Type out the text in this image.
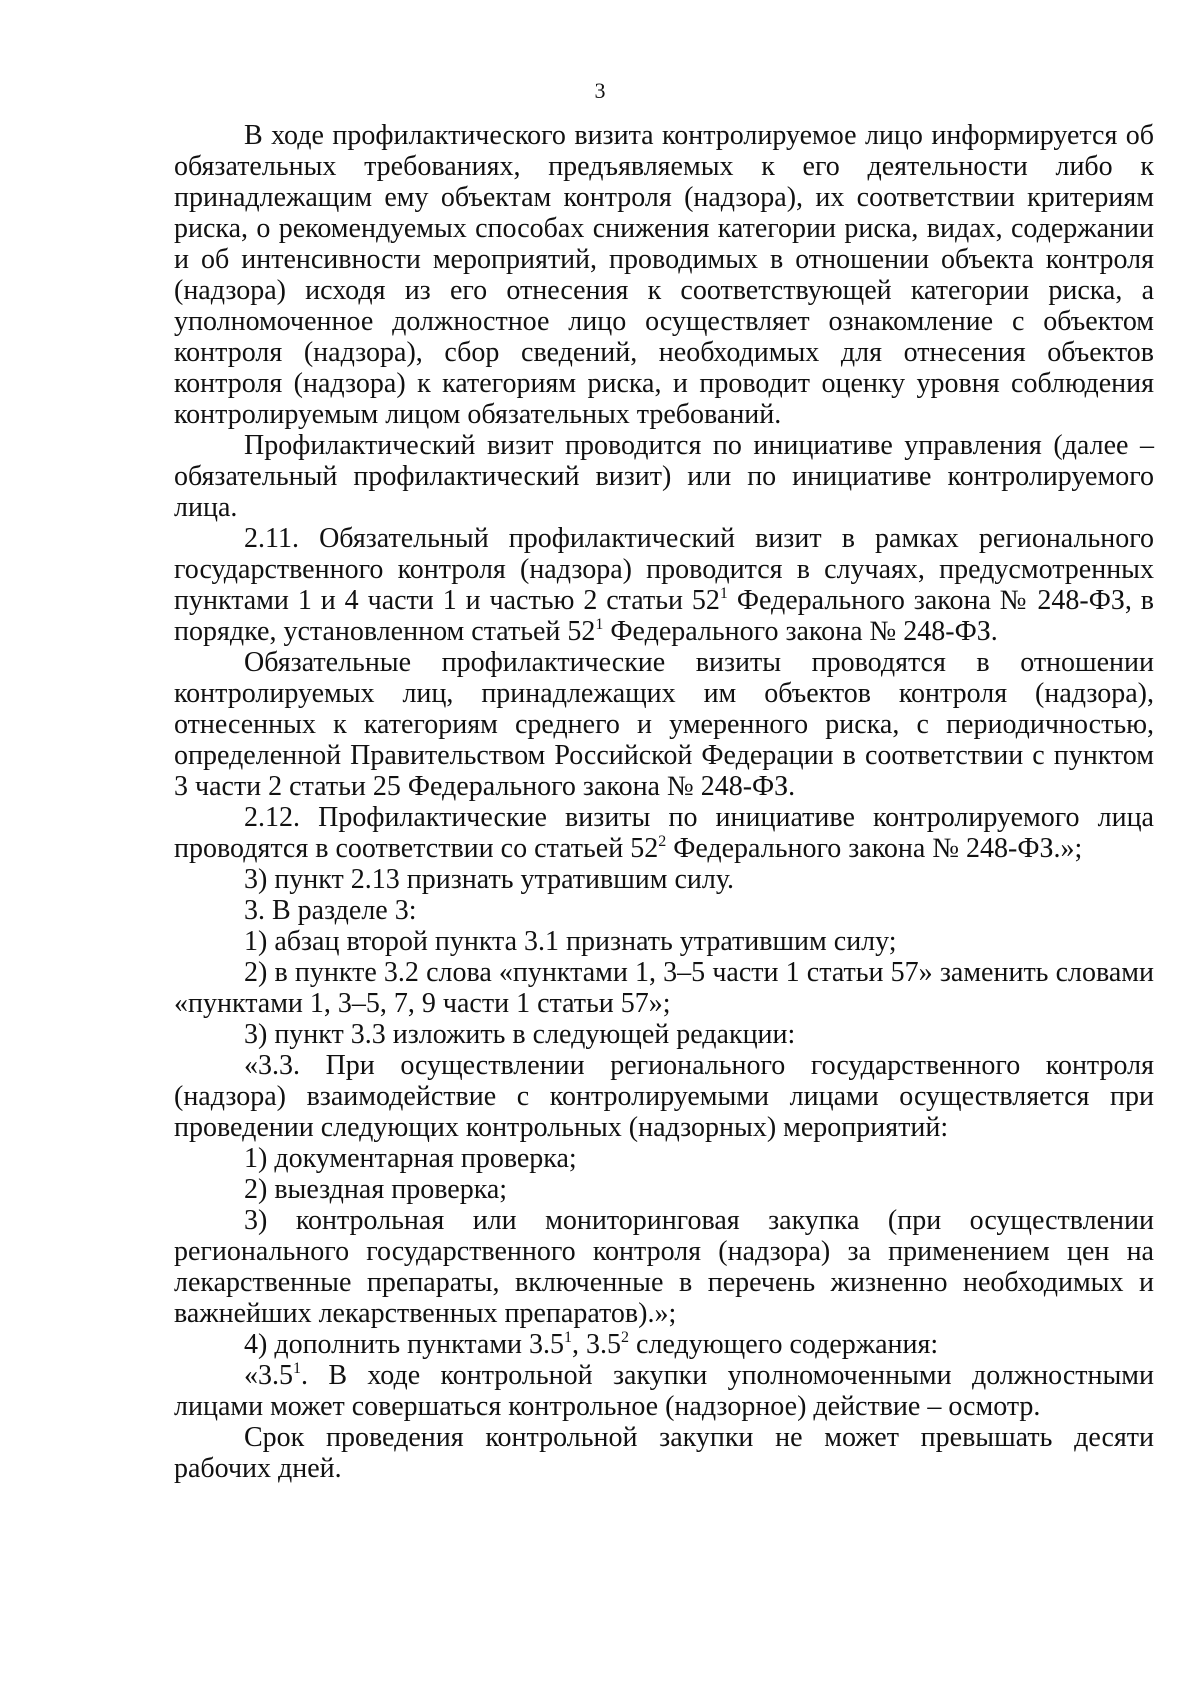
3

В ходе профилактического визита контролируемое лицо информируется об обязательных требованиях, предъявляемых к его деятельности либо к принадлежащим ему объектам контроля (надзора), их соответствии критериям риска, о рекомендуемых способах снижения категории риска, видах, содержании и об интенсивности мероприятий, проводимых в отношении объекта контроля (надзора) исходя из его отнесения к соответствующей категории риска, а уполномоченное должностное лицо осуществляет ознакомление с объектом контроля (надзора), сбор сведений, необходимых для отнесения объектов контроля (надзора) к категориям риска, и проводит оценку уровня соблюдения контролируемым лицом обязательных требований.

Профилактический визит проводится по инициативе управления (далее – обязательный профилактический визит) или по инициативе контролируемого лица.

2.11. Обязательный профилактический визит в рамках регионального государственного контроля (надзора) проводится в случаях, предусмотренных пунктами 1 и 4 части 1 и частью 2 статьи $52^1$ Федерального закона № 248-ФЗ, в порядке, установленном статьей $52^1$ Федерального закона № 248-ФЗ.

Обязательные профилактические визиты проводятся в отношении контролируемых лиц, принадлежащих им объектов контроля (надзора), отнесенных к категориям среднего и умеренного риска, с периодичностью, определенной Правительством Российской Федерации в соответствии с пунктом 3 части 2 статьи 25 Федерального закона № 248-ФЗ.

2.12. Профилактические визиты по инициативе контролируемого лица проводятся в соответствии со статьей $52^2$ Федерального закона № 248-ФЗ.»;

3) пункт 2.13 признать утратившим силу.

3. В разделе 3:

1) абзац второй пункта 3.1 признать утратившим силу;

2) в пункте 3.2 слова «пунктами 1, 3–5 части 1 статьи 57» заменить словами «пунктами 1, 3–5, 7, 9 части 1 статьи 57»;

3) пункт 3.3 изложить в следующей редакции:

«3.3. При осуществлении регионального государственного контроля (надзора) взаимодействие с контролируемыми лицами осуществляется при проведении следующих контрольных (надзорных) мероприятий:

1) документарная проверка;

2) выездная проверка;

3) контрольная или мониторинговая закупка (при осуществлении регионального государственного контроля (надзора) за применением цен на лекарственные препараты, включенные в перечень жизненно необходимых и важнейших лекарственных препаратов).»;

4) дополнить пунктами $3.5^1$, $3.5^2$ следующего содержания:

«$3.5^1$. В ходе контрольной закупки уполномоченными должностными лицами может совершаться контрольное (надзорное) действие – осмотр.

Срок проведения контрольной закупки не может превышать десяти рабочих дней.
